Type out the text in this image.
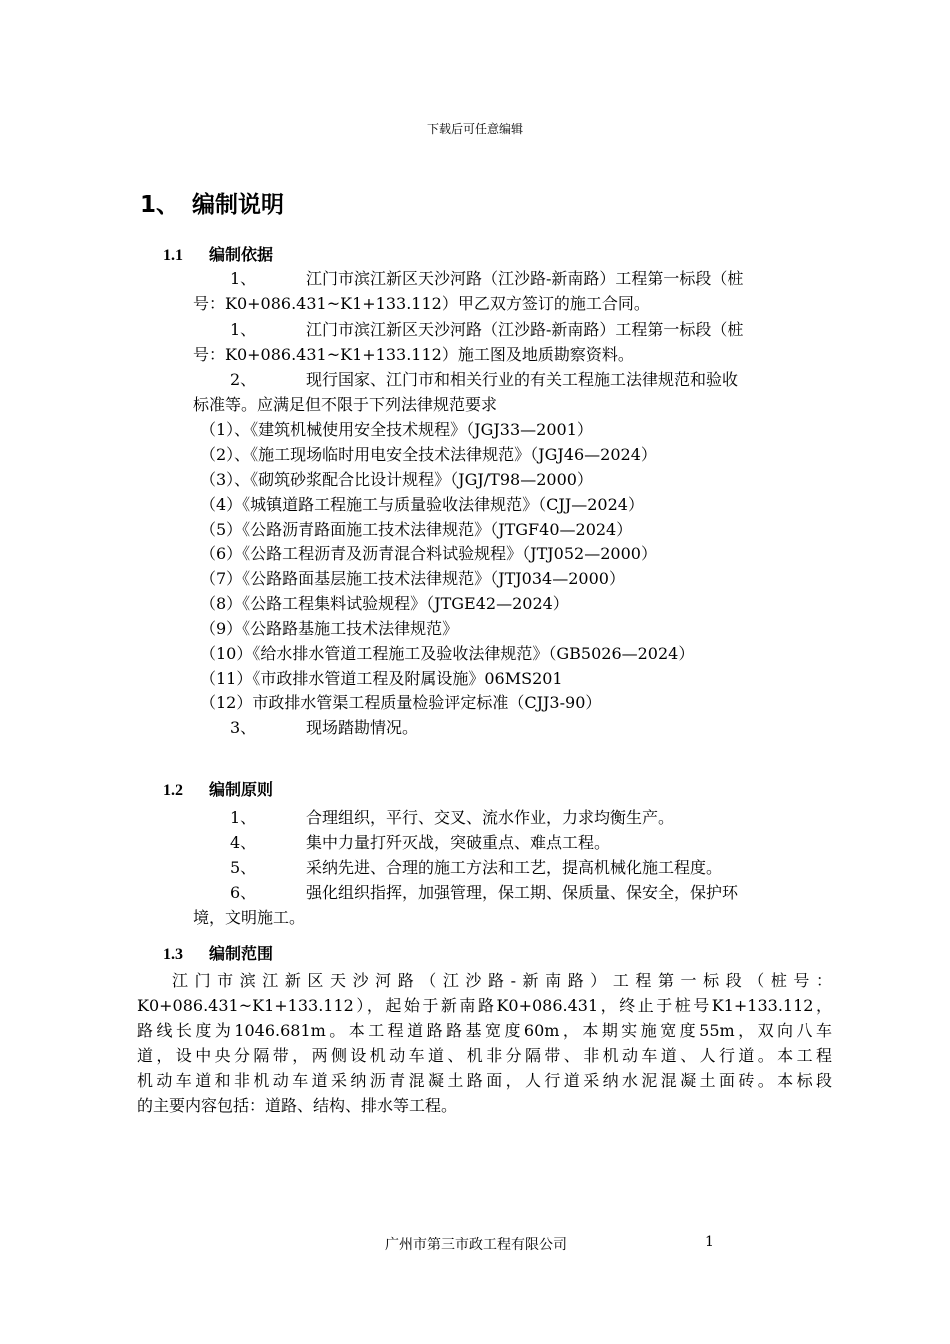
下载后可任意编辑
1、 编制说明
1.1 编制依据
1、	江门市滨江新区天沙河路（江沙路-新南路）工程第一标段（桩
号：K0+086.431~K1+133.112）甲乙双方签订的施工合同。
1、	江门市滨江新区天沙河路（江沙路-新南路）工程第一标段（桩
号：K0+086.431~K1+133.112）施工图及地质勘察资料。
2、	现行国家、江门市和相关行业的有关工程施工法律规范和验收
标准等。应满足但不限于下列法律规范要求
（1）、《建筑机械使用安全技术规程》（JGJ33—2001）
（2）、《施工现场临时用电安全技术法律规范》（JGJ46—2024）
（3）、《砌筑砂浆配合比设计规程》（JGJ/T98—2000）
（4）《城镇道路工程施工与质量验收法律规范》（CJJ—2024）
（5）《公路沥青路面施工技术法律规范》（JTGF40—2024）
（6）《公路工程沥青及沥青混合料试验规程》（JTJ052—2000）
（7）《公路路面基层施工技术法律规范》（JTJ034—2000）
（8）《公路工程集料试验规程》（JTGE42—2024）
（9）《公路路基施工技术法律规范》
（10）《给水排水管道工程施工及验收法律规范》（GB5026—2024）
（11）《市政排水管道工程及附属设施》06MS201
（12）市政排水管渠工程质量检验评定标准（CJJ3-90）
3、	现场踏勘情况。
1.2 编制原则
1、	合理组织，平行、交叉、流水作业，力求均衡生产。
4、	集中力量打歼灭战，突破重点、难点工程。
5、	采纳先进、合理的施工方法和工艺，提高机械化施工程度。
6、	强化组织指挥，加强管理，保工期、保质量、保安全，保护环
境，文明施工。
1.3 编制范围
江门市滨江新区天沙河路（江沙路-新南路）工程第一标段（桩号：
K0+086.431~K1+133.112），起始于新南路K0+086.431，终止于桩号K1+133.112，
路线长度为1046.681m。本工程道路路基宽度60m，本期实施宽度55m，双向八车
道，设中央分隔带，两侧设机动车道、机非分隔带、非机动车道、人行道。本工程
机动车道和非机动车道采纳沥青混凝土路面，人行道采纳水泥混凝土面砖。本标段
的主要内容包括：道路、结构、排水等工程。
广州市第三市政工程有限公司	1
